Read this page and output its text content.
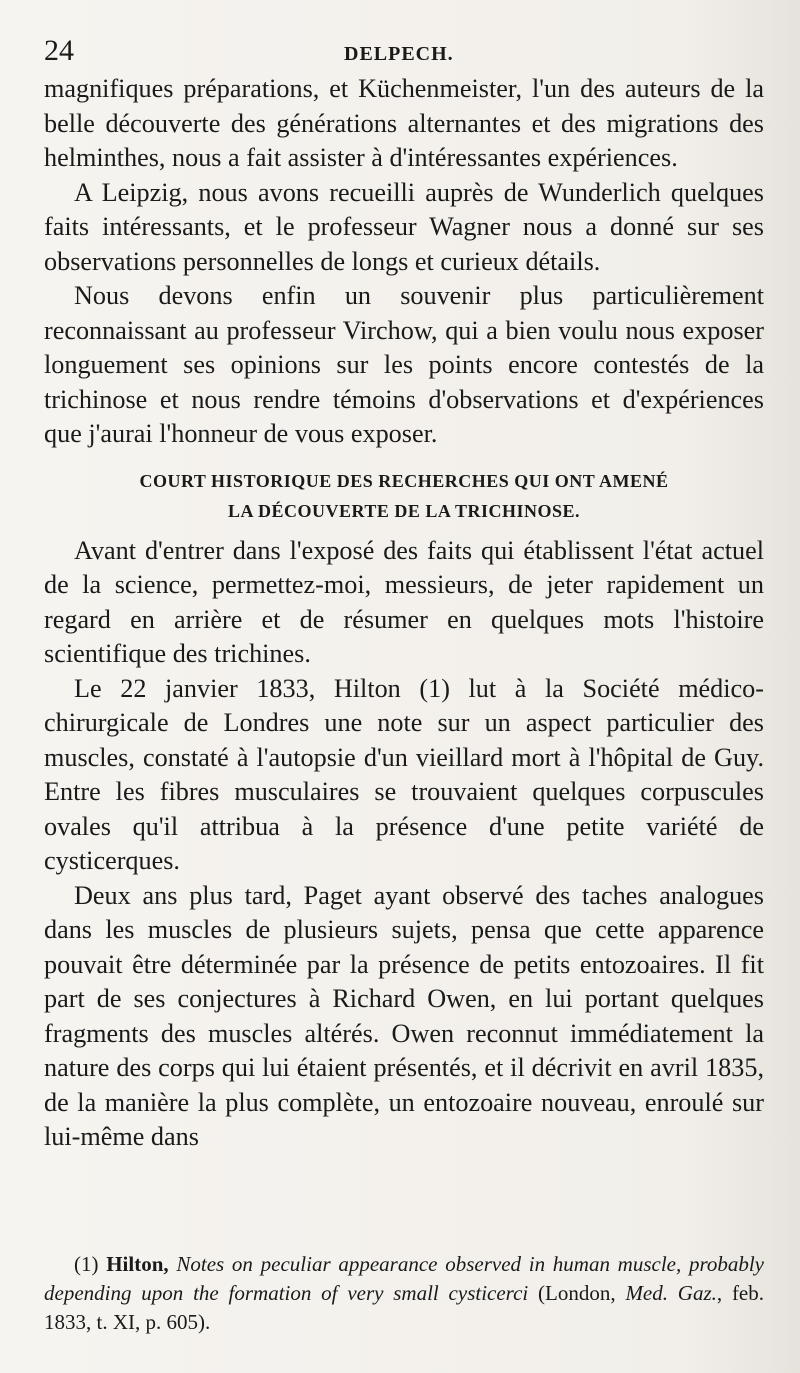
24	DELPECH.

magnifiques préparations, et Küchenmeister, l'un des auteurs de la belle découverte des générations alternantes et des migrations des helminthes, nous a fait assister à d'intéressantes expériences.

A Leipzig, nous avons recueilli auprès de Wunderlich quelques faits intéressants, et le professeur Wagner nous a donné sur ses observations personnelles de longs et curieux détails.

Nous devons enfin un souvenir plus particulièrement reconnaissant au professeur Virchow, qui a bien voulu nous exposer longuement ses opinions sur les points encore contestés de la trichinose et nous rendre témoins d'observations et d'expériences que j'aurai l'honneur de vous exposer.

COURT HISTORIQUE DES RECHERCHES QUI ONT AMENÉ
LA DÉCOUVERTE DE LA TRICHINOSE.

Avant d'entrer dans l'exposé des faits qui établissent l'état actuel de la science, permettez-moi, messieurs, de jeter rapidement un regard en arrière et de résumer en quelques mots l'histoire scientifique des trichines.

Le 22 janvier 1833, Hilton (1) lut à la Société médico-chirurgicale de Londres une note sur un aspect particulier des muscles, constaté à l'autopsie d'un vieillard mort à l'hôpital de Guy. Entre les fibres musculaires se trouvaient quelques corpuscules ovales qu'il attribua à la présence d'une petite variété de cysticerques.

Deux ans plus tard, Paget ayant observé des taches analogues dans les muscles de plusieurs sujets, pensa que cette apparence pouvait être déterminée par la présence de petits entozoaires. Il fit part de ses conjectures à Richard Owen, en lui portant quelques fragments des muscles altérés. Owen reconnut immédiatement la nature des corps qui lui étaient présentés, et il décrivit en avril 1835, de la manière la plus complète, un entozoaire nouveau, enroulé sur lui-même dans

(1) Hilton, Notes on peculiar appearance observed in human muscle, probably depending upon the formation of very small cysticerci (London, Med. Gaz., feb. 1833, t. XI, p. 605).
